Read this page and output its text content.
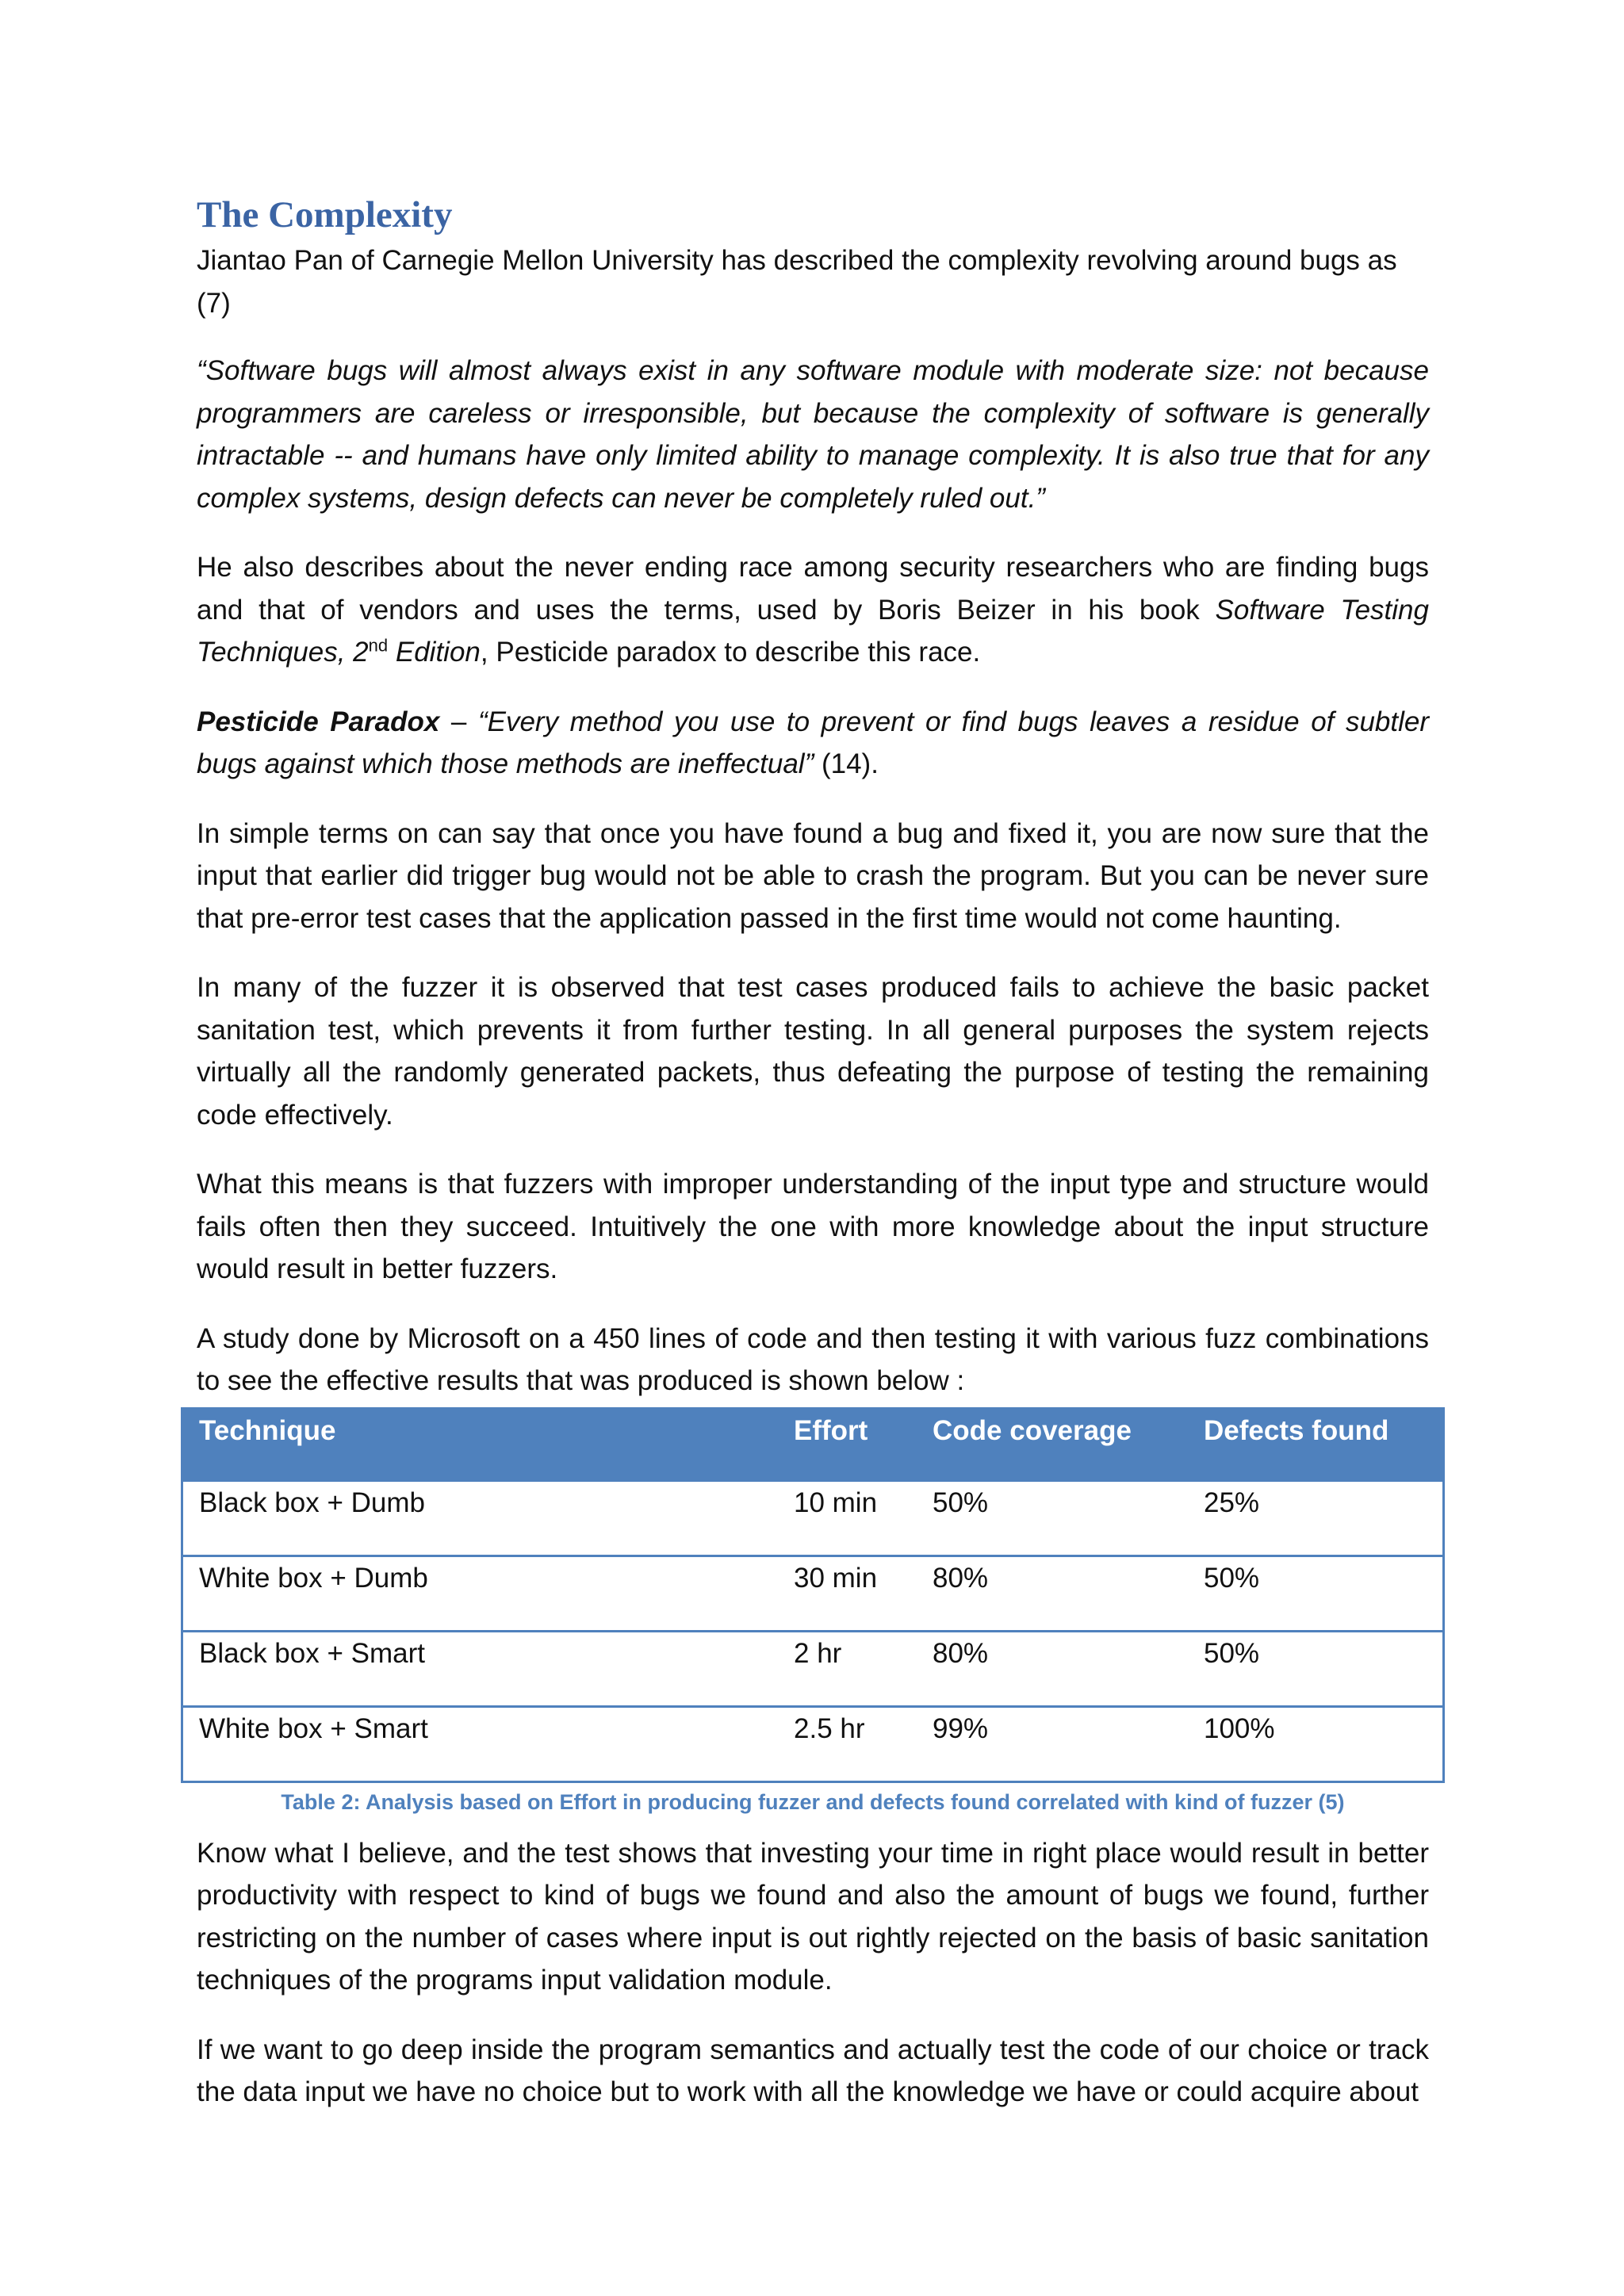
The Complexity

Jiantao Pan of Carnegie Mellon University has described the complexity revolving around bugs as (7)

“Software bugs will almost always exist in any software module with moderate size: not because programmers are careless or irresponsible, but because the complexity of software is generally intractable -- and humans have only limited ability to manage complexity. It is also true that for any complex systems, design defects can never be completely ruled out.”

He also describes about the never ending race among security researchers who are finding bugs and that of vendors and uses the terms, used by Boris Beizer in his book Software Testing Techniques, 2nd Edition, Pesticide paradox to describe this race.

Pesticide Paradox – “Every method you use to prevent or find bugs leaves a residue of subtler bugs against which those methods are ineffectual” (14).

In simple terms on can say that once you have found a bug and fixed it, you are now sure that the input that earlier did trigger bug would not be able to crash the program. But you can be never sure that pre-error test cases that the application passed in the first time would not come haunting.

In many of the fuzzer it is observed that test cases produced fails to achieve the basic packet sanitation test, which prevents it from further testing. In all general purposes the system rejects virtually all the randomly generated packets, thus defeating the purpose of testing the remaining code effectively.

What this means is that fuzzers with improper understanding of the input type and structure would fails often then they succeed. Intuitively the one with more knowledge about the input structure would result in better fuzzers.

A study done by Microsoft on a 450 lines of code and then testing it with various fuzz combinations to see the effective results that was produced is shown below :

Technique	Effort	Code coverage	Defects found
Black box + Dumb	10 min	50%	25%
White box + Dumb	30 min	80%	50%
Black box + Smart	2 hr	80%	50%
White box + Smart	2.5 hr	99%	100%
Table 2: Analysis based on Effort in producing fuzzer and defects found correlated with kind of fuzzer (5)

Know what I believe, and the test shows that investing your time in right place would result in better productivity with respect to kind of bugs we found and also the amount of bugs we found, further restricting on the number of cases where input is out rightly rejected on the basis of basic sanitation techniques of the programs input validation module.

If we want to go deep inside the program semantics and actually test the code of our choice or track the data input we have no choice but to work with all the knowledge we have or could acquire about
